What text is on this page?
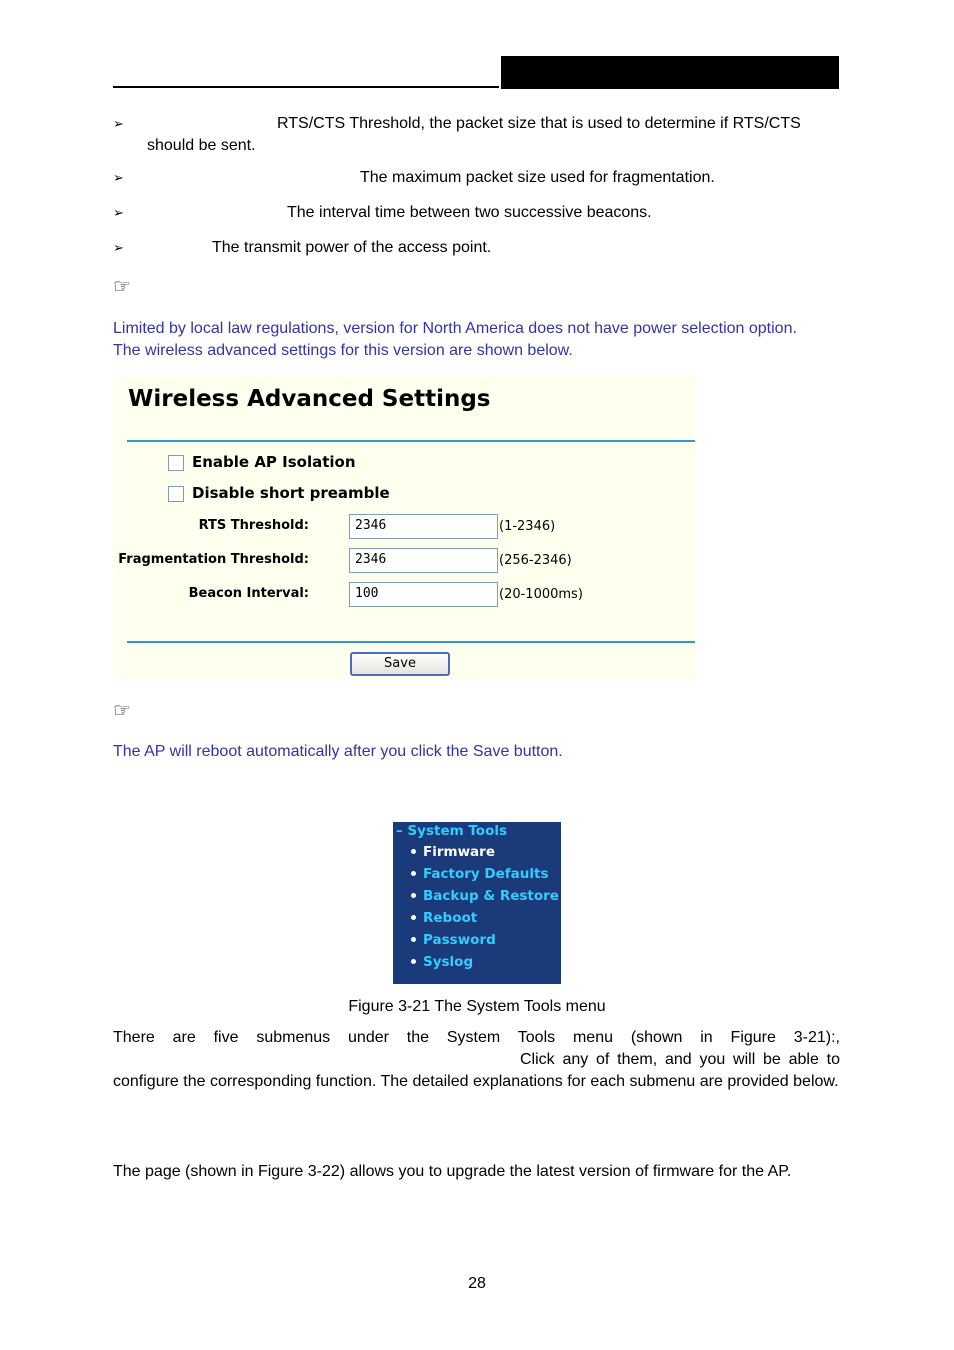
➢	RTS/CTS Threshold, the packet size that is used to determine if RTS/CTS
should be sent.
➢	The maximum packet size used for fragmentation.
➢	The interval time between two successive beacons.
➢	The transmit power of the access point.
☞
Limited by local law regulations, version for North America does not have power selection option.
The wireless advanced settings for this version are shown below.
Wireless Advanced Settings
Enable AP Isolation
Disable short preamble
RTS Threshold:	2346	(1-2346)
Fragmentation Threshold:	2346	(256-2346)
Beacon Interval:	100	(20-1000ms)
Save
☞
The AP will reboot automatically after you click the Save button.
– System Tools
Firmware
Factory Defaults
Backup & Restore
Reboot
Password
Syslog
Figure 3-21 The System Tools menu
There are five submenus under the System Tools menu (shown in Figure 3-21): ,
Click any of them, and you will be able to configure the corresponding function. The detailed explanations for each submenu are provided below.
The page (shown in Figure 3-22) allows you to upgrade the latest version of firmware for the AP.
28
